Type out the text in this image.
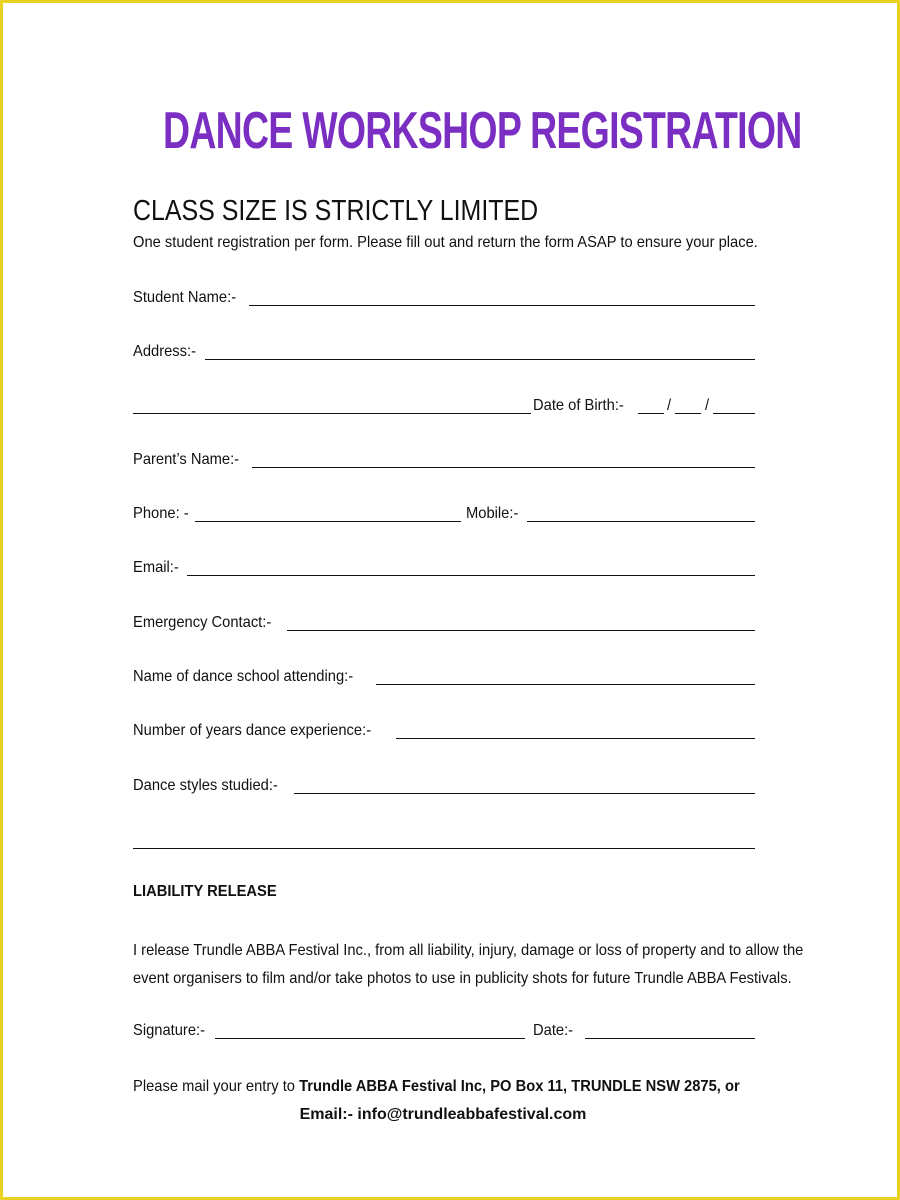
DANCE WORKSHOP REGISTRATION
CLASS SIZE IS STRICTLY LIMITED
One student registration per form. Please fill out and return the form ASAP to ensure your place.
Student Name:-
Address:-
Date of Birth:-	/ /
Parent’s Name:-
Phone: -	Mobile:-
Email:-
Emergency Contact:-
Name of dance school attending:-
Number of years dance experience:-
Dance styles studied:-
LIABILITY RELEASE
I release Trundle ABBA Festival Inc., from all liability, injury, damage or loss of property and to allow the
event organisers to film and/or take photos to use in publicity shots for future Trundle ABBA Festivals.
Signature:-	Date:-
Please mail your entry to Trundle ABBA Festival Inc, PO Box 11, TRUNDLE NSW 2875, or
Email:- info@trundleabbafestival.com
